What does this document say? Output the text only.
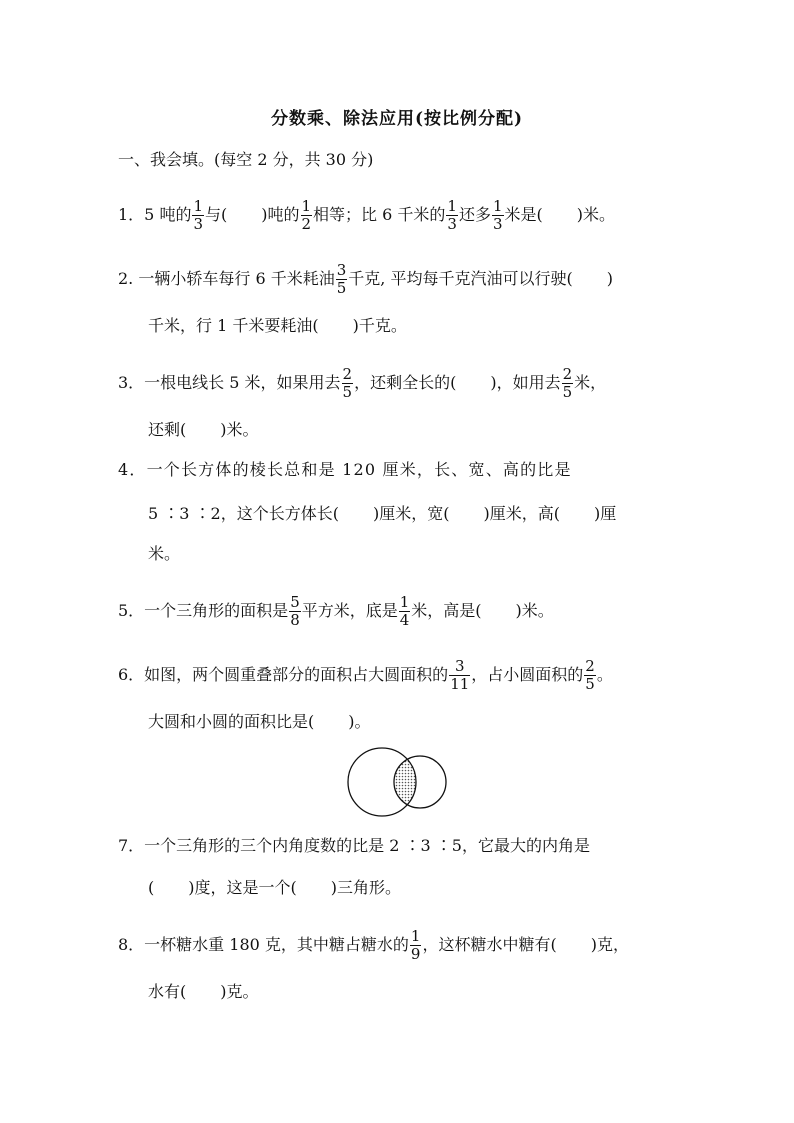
分数乘、除法应用(按比例分配)
一、我会填。(每空 2 分，共 30 分)
1．5 吨的 $\frac{1}{3}$ 与( )吨的 $\frac{1}{2}$ 相等；比 6 千米的 $\frac{1}{3}$ 还多 $\frac{1}{3}$ 米是( )米。
2. 一辆小轿车每行 6 千米耗油 $\frac{3}{5}$ 千克, 平均每千克汽油可以行驶( )
千米，行 1 千米要耗油( )千克。
3．一根电线长 5 米，如果用去 $\frac{2}{5}$ ，还剩全长的( )，如用去 $\frac{2}{5}$ 米，
还剩( )米。
4．一个长方体的棱长总和是 120 厘米，长、宽、高的比是
5 ∶3 ∶2，这个长方体长( )厘米，宽( )厘米，高( )厘
米。
5．一个三角形的面积是 $\frac{5}{8}$ 平方米，底是 $\frac{1}{4}$ 米，高是( )米。
6．如图，两个圆重叠部分的面积占大圆面积的 $\frac{3}{11}$ ，占小圆面积的 $\frac{2}{5}$ 。
大圆和小圆的面积比是( )。
7．一个三角形的三个内角度数的比是 2 ∶3 ∶5，它最大的内角是
( )度，这是一个( )三角形。
8．一杯糖水重 180 克，其中糖占糖水的 $\frac{1}{9}$ ，这杯糖水中糖有( )克，
水有( )克。
